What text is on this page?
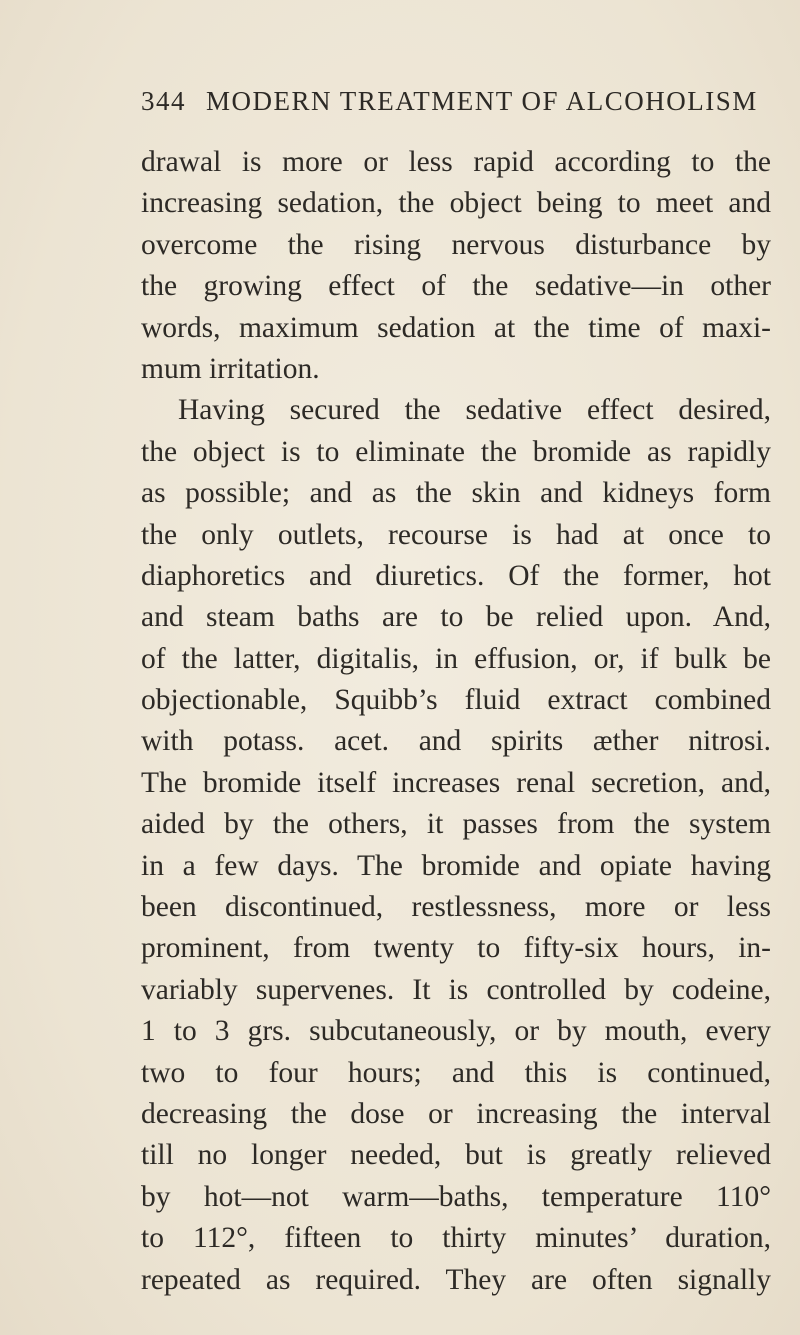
344 MODERN TREATMENT OF ALCOHOLISM
drawal is more or less rapid according to the
increasing sedation, the object being to meet and
overcome the rising nervous disturbance by
the growing effect of the sedative—in other
words, maximum sedation at the time of maxi-
mum irritation.
Having secured the sedative effect desired,
the object is to eliminate the bromide as rapidly
as possible; and as the skin and kidneys form
the only outlets, recourse is had at once to
diaphoretics and diuretics. Of the former, hot
and steam baths are to be relied upon. And,
of the latter, digitalis, in effusion, or, if bulk be
objectionable, Squibb’s fluid extract combined
with potass. acet. and spirits æther nitrosi.
The bromide itself increases renal secretion, and,
aided by the others, it passes from the system
in a few days. The bromide and opiate having
been discontinued, restlessness, more or less
prominent, from twenty to fifty-six hours, in-
variably supervenes. It is controlled by codeine,
1 to 3 grs. subcutaneously, or by mouth, every
two to four hours; and this is continued,
decreasing the dose or increasing the interval
till no longer needed, but is greatly relieved
by hot—not warm—baths, temperature 110°
to 112°, fifteen to thirty minutes’ duration,
repeated as required. They are often signally
